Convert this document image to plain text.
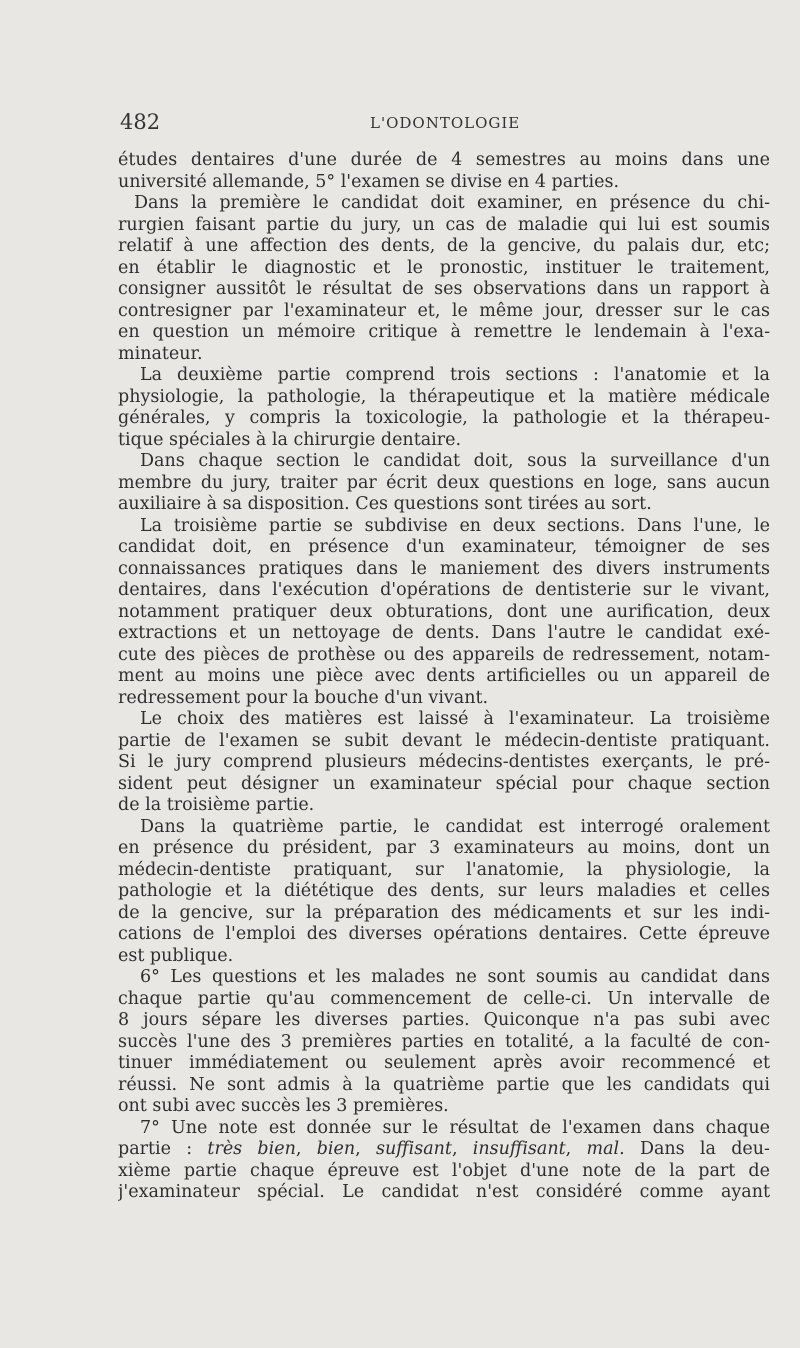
482	L'ODONTOLOGIE
études dentaires d'une durée de 4 semestres au moins dans une
université allemande, 5° l'examen se divise en 4 parties.
Dans la première le candidat doit examiner, en présence du chi-
rurgien faisant partie du jury, un cas de maladie qui lui est soumis
relatif à une affection des dents, de la gencive, du palais dur, etc;
en établir le diagnostic et le pronostic, instituer le traitement,
consigner aussitôt le résultat de ses observations dans un rapport à
contresigner par l'examinateur et, le même jour, dresser sur le cas
en question un mémoire critique à remettre le lendemain à l'exa-
minateur.
La deuxième partie comprend trois sections : l'anatomie et la
physiologie, la pathologie, la thérapeutique et la matière médicale
générales, y compris la toxicologie, la pathologie et la thérapeu-
tique spéciales à la chirurgie dentaire.
Dans chaque section le candidat doit, sous la surveillance d'un
membre du jury, traiter par écrit deux questions en loge, sans aucun
auxiliaire à sa disposition. Ces questions sont tirées au sort.
La troisième partie se subdivise en deux sections. Dans l'une, le
candidat doit, en présence d'un examinateur, témoigner de ses
connaissances pratiques dans le maniement des divers instruments
dentaires, dans l'exécution d'opérations de dentisterie sur le vivant,
notamment pratiquer deux obturations, dont une aurification, deux
extractions et un nettoyage de dents. Dans l'autre le candidat exé-
cute des pièces de prothèse ou des appareils de redressement, notam-
ment au moins une pièce avec dents artificielles ou un appareil de
redressement pour la bouche d'un vivant.
Le choix des matières est laissé à l'examinateur. La troisième
partie de l'examen se subit devant le médecin-dentiste pratiquant.
Si le jury comprend plusieurs médecins-dentistes exerçants, le pré-
sident peut désigner un examinateur spécial pour chaque section
de la troisième partie.
Dans la quatrième partie, le candidat est interrogé oralement
en présence du président, par 3 examinateurs au moins, dont un
médecin-dentiste pratiquant, sur l'anatomie, la physiologie, la
pathologie et la diététique des dents, sur leurs maladies et celles
de la gencive, sur la préparation des médicaments et sur les indi-
cations de l'emploi des diverses opérations dentaires. Cette épreuve
est publique.
6° Les questions et les malades ne sont soumis au candidat dans
chaque partie qu'au commencement de celle-ci. Un intervalle de
8 jours sépare les diverses parties. Quiconque n'a pas subi avec
succès l'une des 3 premières parties en totalité, a la faculté de con-
tinuer immédiatement ou seulement après avoir recommencé et
réussi. Ne sont admis à la quatrième partie que les candidats qui
ont subi avec succès les 3 premières.
7° Une note est donnée sur le résultat de l'examen dans chaque
partie : très bien, bien, suffisant, insuffisant, mal. Dans la deu-
xième partie chaque épreuve est l'objet d'une note de la part de
j'examinateur spécial. Le candidat n'est considéré comme ayant
